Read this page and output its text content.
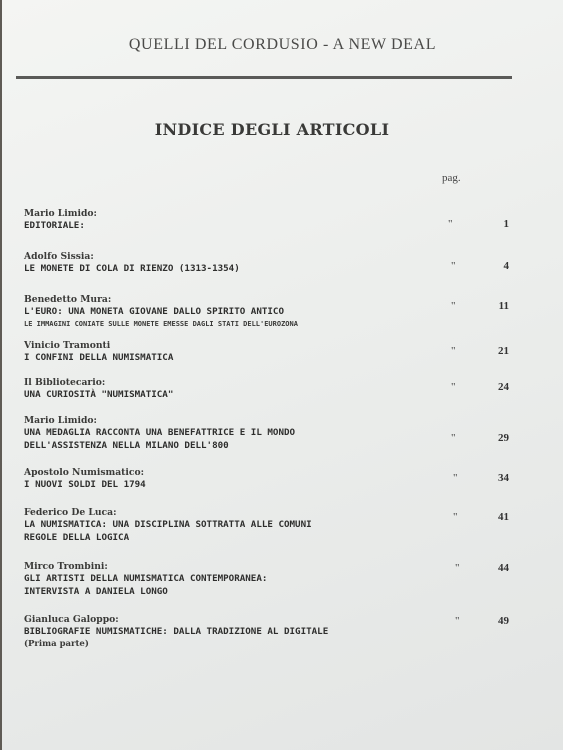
QUELLI DEL CORDUSIO - A NEW DEAL
INDICE DEGLI ARTICOLI
pag.
Mario Limido:
EDITORIALE:	"	1
Adolfo Sissia:
LE MONETE DI COLA DI RIENZO (1313-1354)	"	4
Benedetto Mura:
L'EURO: UNA MONETA GIOVANE DALLO SPIRITO ANTICO
LE IMMAGINI CONIATE SULLE MONETE EMESSE DAGLI STATI DELL'EUROZONA
"	11
Vinicio Tramonti
I CONFINI DELLA NUMISMATICA
"	21
Il Bibliotecario:
UNA CURIOSITÀ "NUMISMATICA"
"	24
Mario Limido:
UNA MEDAGLIA RACCONTA UNA BENEFATTRICE E IL MONDO
DELL'ASSISTENZA NELLA MILANO DELL'800
"	29
Apostolo Numismatico:
I NUOVI SOLDI DEL 1794
"	34
Federico De Luca:
LA NUMISMATICA: UNA DISCIPLINA SOTTRATTA ALLE COMUNI
REGOLE DELLA LOGICA
"	41
Mirco Trombini:
GLI ARTISTI DELLA NUMISMATICA CONTEMPORANEA:
INTERVISTA A DANIELA LONGO
"	44
Gianluca Galoppo:
BIBLIOGRAFIE NUMISMATICHE: DALLA TRADIZIONE AL DIGITALE
(Prima parte)
"	49
